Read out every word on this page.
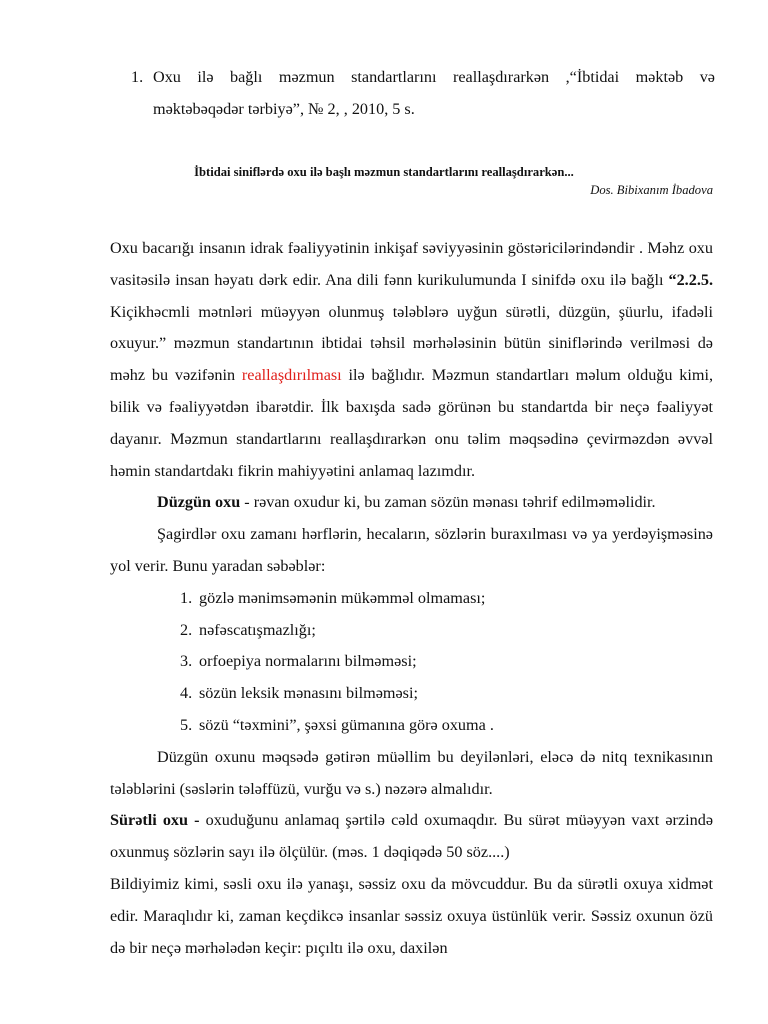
1. Oxu ilə bağlı məzmun standartlarını reallaşdırarkən ,“İbtidai məktəb və
məktəbəqədər tərbiyə”, № 2, , 2010, 5 s.
İbtidai siniflərdə oxu ilə başlı məzmun standartlarını reallaşdırarkən...
Dos. Bibixanım İbadova

Oxu bacarığı insanın idrak fəaliyyətinin inkişaf səviyyəsinin göstəricilərindəndir . Məhz oxu vasitəsilə insan həyatı dərk edir. Ana dili fənn kurikulumunda I sinifdə oxu ilə bağlı “2.2.5. Kiçikhəcmli mətnləri müəyyən olunmuş tələblərə uyğun sürətli, düzgün, şüurlu, ifadəli oxuyur.” məzmun standartının ibtidai təhsil mərhələsinin bütün siniflərində verilməsi də məhz bu vəzifənin reallaşdırılması ilə bağlıdır. Məzmun standartları məlum olduğu kimi, bilik və fəaliyyətdən ibarətdir. İlk baxışda sadə görünən bu standartda bir neçə fəaliyyət dayanır. Məzmun standartlarını reallaşdırarkən onu təlim məqsədinə çevirməzdən əvvəl həmin standartdakı fikrin mahiyyətini anlamaq lazımdır.

Düzgün oxu - rəvan oxudur ki, bu zaman sözün mənası təhrif edilməməlidir.

Şagirdlər oxu zamanı hərflərin, hecaların, sözlərin buraxılması və ya yerdəyişməsinə yol verir. Bunu yaradan səbəblər:

1. gözlə mənimsəmənin mükəmməl olmaması;
2. nəfəscatışmazlığı;
3. orfoepiya normalarını bilməməsi;
4. sözün leksik mənasını bilməməsi;
5. sözü “təxmini”, şəxsi gümanına görə oxuma .

Düzgün oxunu məqsədə gətirən müəllim bu deyilənləri, eləcə də nitq texnikasının tələblərini (səslərin tələffüzü, vurğu və s.) nəzərə almalıdır.

Sürətli oxu - oxuduğunu anlamaq şərtilə cəld oxumaqdır. Bu sürət müəyyən vaxt ərzində oxunmuş sözlərin sayı ilə ölçülür. (məs. 1 dəqiqədə 50 söz....)

Bildiyimiz kimi, səsli oxu ilə yanaşı, səssiz oxu da mövcuddur. Bu da sürətli oxuya xidmət edir. Maraqlıdır ki, zaman keçdikcə insanlar səssiz oxuya üstünlük verir. Səssiz oxunun özü də bir neçə mərhələdən keçir: pıçıltı ilə oxu, daxilən
